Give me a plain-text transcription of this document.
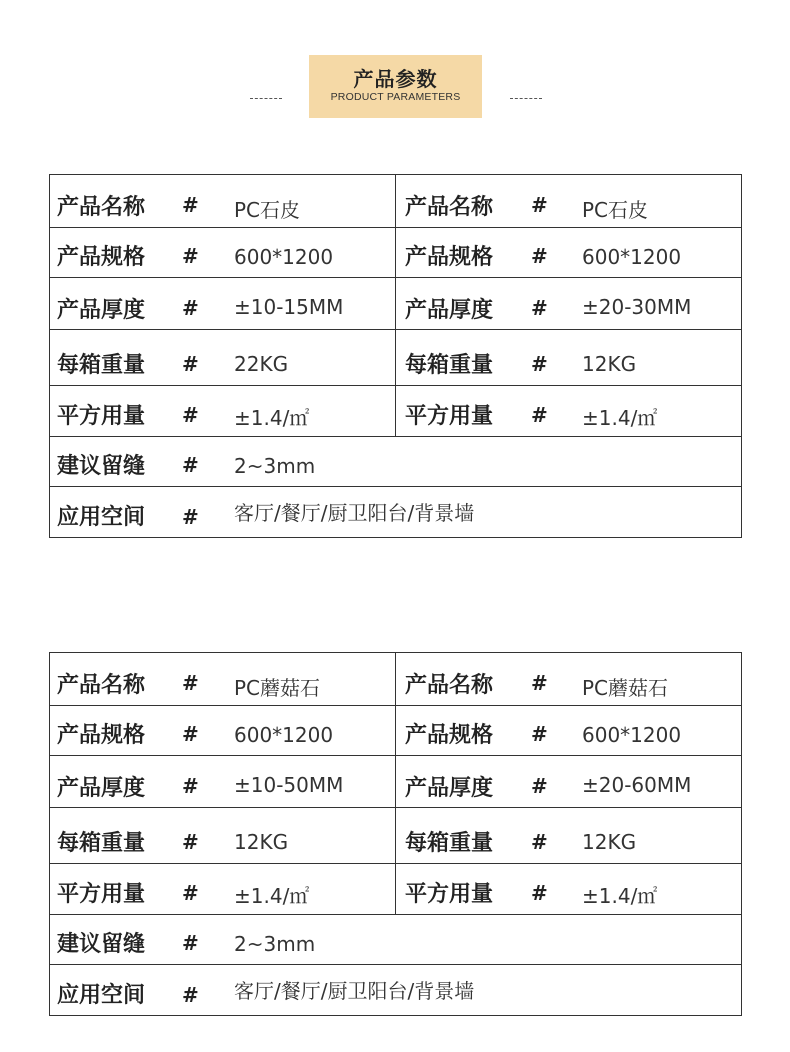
产品参数
PRODUCT PARAMETERS
产品名称 # PC石皮	产品名称 # PC石皮
产品规格 # 600*1200	产品规格 # 600*1200
产品厚度 # ±10-15MM	产品厚度 # ±20-30MM
每箱重量 # 22KG	每箱重量 # 12KG
平方用量 # ±1.4/㎡	平方用量 # ±1.4/㎡
建议留缝 # 2~3mm
应用空间 # 客厅/餐厅/厨卫阳台/背景墙
产品名称 # PC蘑菇石	产品名称 # PC蘑菇石
产品规格 # 600*1200	产品规格 # 600*1200
产品厚度 # ±10-50MM	产品厚度 # ±20-60MM
每箱重量 # 12KG	每箱重量 # 12KG
平方用量 # ±1.4/㎡	平方用量 # ±1.4/㎡
建议留缝 # 2~3mm
应用空间 # 客厅/餐厅/厨卫阳台/背景墙
